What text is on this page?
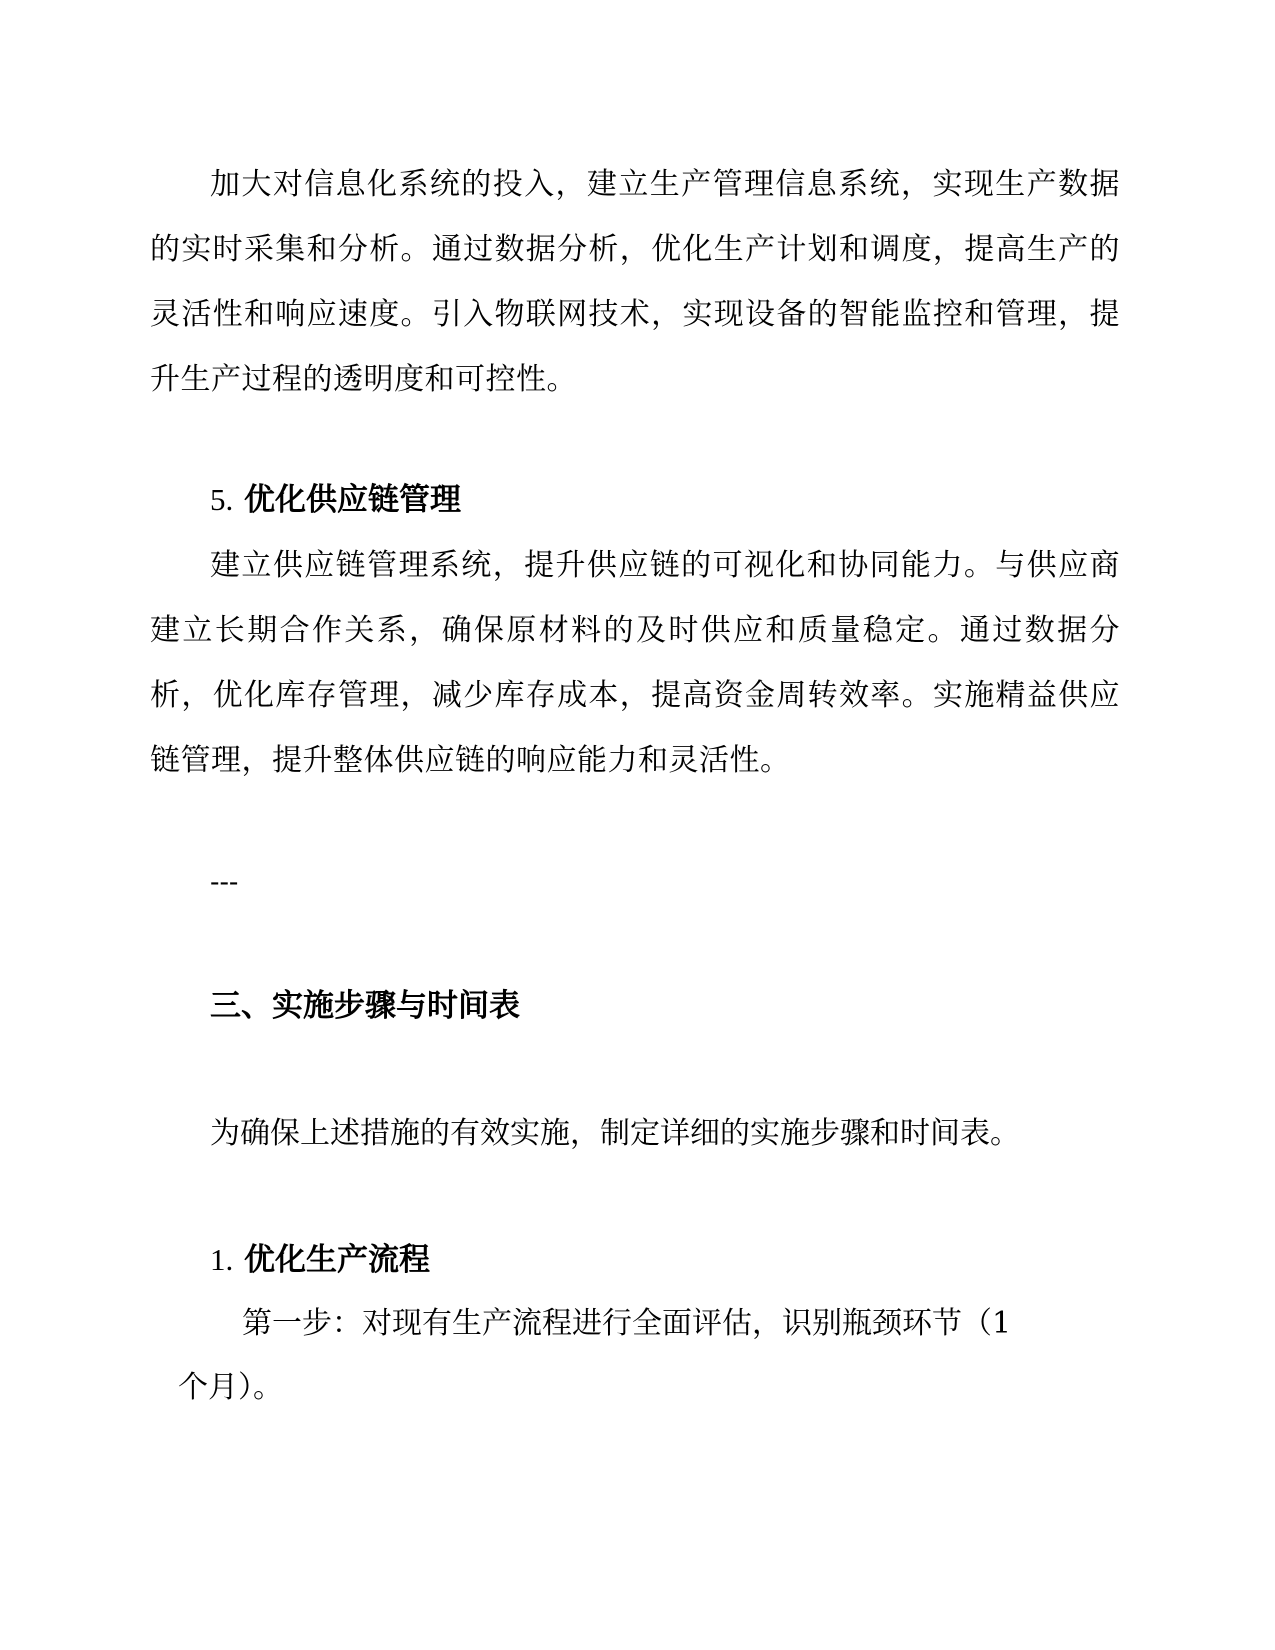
加大对信息化系统的投入，建立生产管理信息系统，实现生产数据的实时采集和分析。通过数据分析，优化生产计划和调度，提高生产的灵活性和响应速度。引入物联网技术，实现设备的智能监控和管理，提升生产过程的透明度和可控性。

5. 优化供应链管理

建立供应链管理系统，提升供应链的可视化和协同能力。与供应商建立长期合作关系，确保原材料的及时供应和质量稳定。通过数据分析，优化库存管理，减少库存成本，提高资金周转效率。实施精益供应链管理，提升整体供应链的响应能力和灵活性。

---

三、实施步骤与时间表

为确保上述措施的有效实施，制定详细的实施步骤和时间表。

1. 优化生产流程

第一步：对现有生产流程进行全面评估，识别瓶颈环节（1

个月）。
